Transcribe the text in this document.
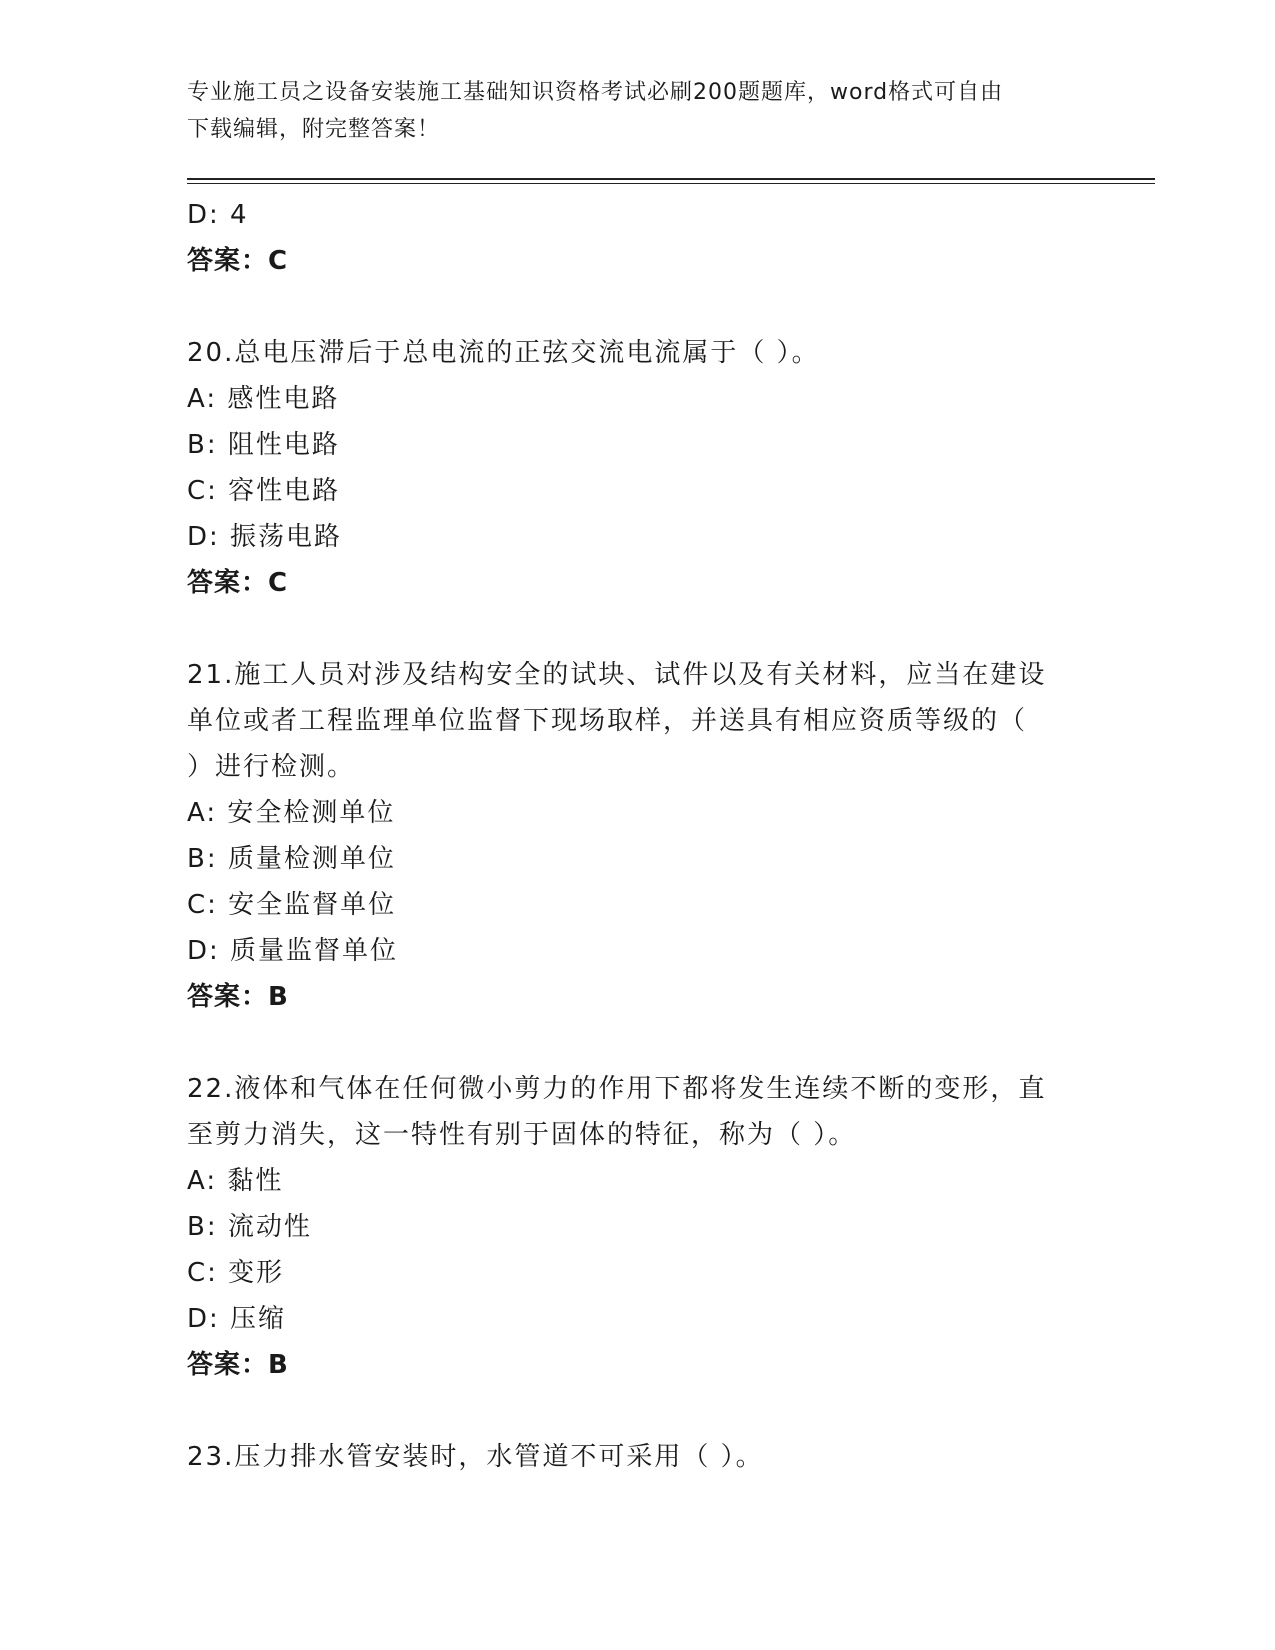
专业施工员之设备安装施工基础知识资格考试必刷200题题库，word格式可自由
下载编辑，附完整答案！
D: 4
答案：C
20.总电压滞后于总电流的正弦交流电流属于（ ）。
A: 感性电路
B: 阻性电路
C: 容性电路
D: 振荡电路
答案：C
21.施工人员对涉及结构安全的试块、试件以及有关材料，应当在建设
单位或者工程监理单位监督下现场取样，并送具有相应资质等级的（
）进行检测。
A: 安全检测单位
B: 质量检测单位
C: 安全监督单位
D: 质量监督单位
答案：B
22.液体和气体在任何微小剪力的作用下都将发生连续不断的变形，直
至剪力消失，这一特性有别于固体的特征，称为（ ）。
A: 黏性
B: 流动性
C: 变形
D: 压缩
答案：B
23.压力排水管安装时，水管道不可采用（ ）。
